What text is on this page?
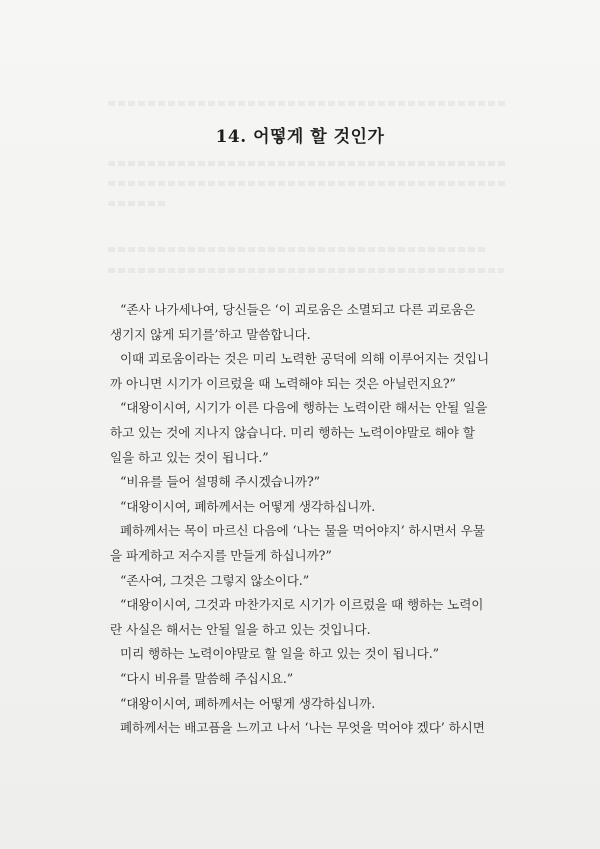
14. 어떻게 할 것인가

“존사 나가세나여, 당신들은 ‘이 괴로움은 소멸되고 다른 괴로움은

생기지 않게 되기를’하고 말씀합니다.

이때 괴로움이라는 것은 미리 노력한 공덕에 의해 이루어지는 것입니

까 아니면 시기가 이르렀을 때 노력해야 되는 것은 아닐런지요?”

“대왕이시여, 시기가 이른 다음에 행하는 노력이란 해서는 안될 일을

하고 있는 것에 지나지 않습니다. 미리 행하는 노력이야말로 해야 할

일을 하고 있는 것이 됩니다.”

“비유를 들어 설명해 주시겠습니까?”

“대왕이시여, 폐하께서는 어떻게 생각하십니까.

폐하께서는 목이 마르신 다음에 ‘나는 물을 먹어야지’ 하시면서 우물

을 파게하고 저수지를 만들게 하십니까?”

“존사여, 그것은 그렇지 않소이다.”

“대왕이시여, 그것과 마찬가지로 시기가 이르렀을 때 행하는 노력이

란 사실은 해서는 안될 일을 하고 있는 것입니다.

미리 행하는 노력이야말로 할 일을 하고 있는 것이 됩니다.”

“다시 비유를 말씀해 주십시요.”

“대왕이시여, 폐하께서는 어떻게 생각하십니까.

폐하께서는 배고픔을 느끼고 나서 ‘나는 무엇을 먹어야 겠다’ 하시면
